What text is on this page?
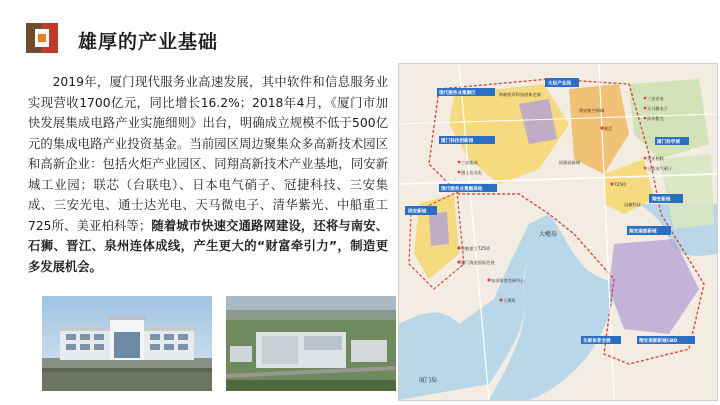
雄厚的产业基础
2019年，厦门现代服务业高速发展，其中软件和信息服务业实现营收1700亿元，同比增长16.2%；2018年4月，《厦门市加快发展集成电路产业实施细则》出台，明确成立规模不低于500亿元的集成电路产业投资基金。当前园区周边聚集众多高新技术园区和高新企业：包括火炬产业园区、同翔高新技术产业基地，同安新城工业园；联芯（台联电）、日本电气硝子、冠捷科技、三安集成、三安光电、通士达光电、天马微电子、清华紫光、中船重工725所、美亚柏科等；随着城市快速交通路网建设，还将与南安、石狮、晋江、泉州连体成线，产生更大的“财富牵引力”，制造更多发展机会。
火炬产业园
现代服务业集聚区
厦门科学城
翔安新城
厦门科技创新园
现代服务业集聚高地
同安新城
翔安南部新城
东部体育会展	翔安南部新城CBD
海峡两岸科技创新走廊
翔安航空新城
中船重工725所
厦门海沧国际会展
东部体育会展中心
725所
联芯
三安光电
天马微电子
清华紫光
美亚柏科
日本电气硝子
冠捷科技
三安集成
通士达光电
大嶝岛
厦门岛
下潭尾
同翔高新城
